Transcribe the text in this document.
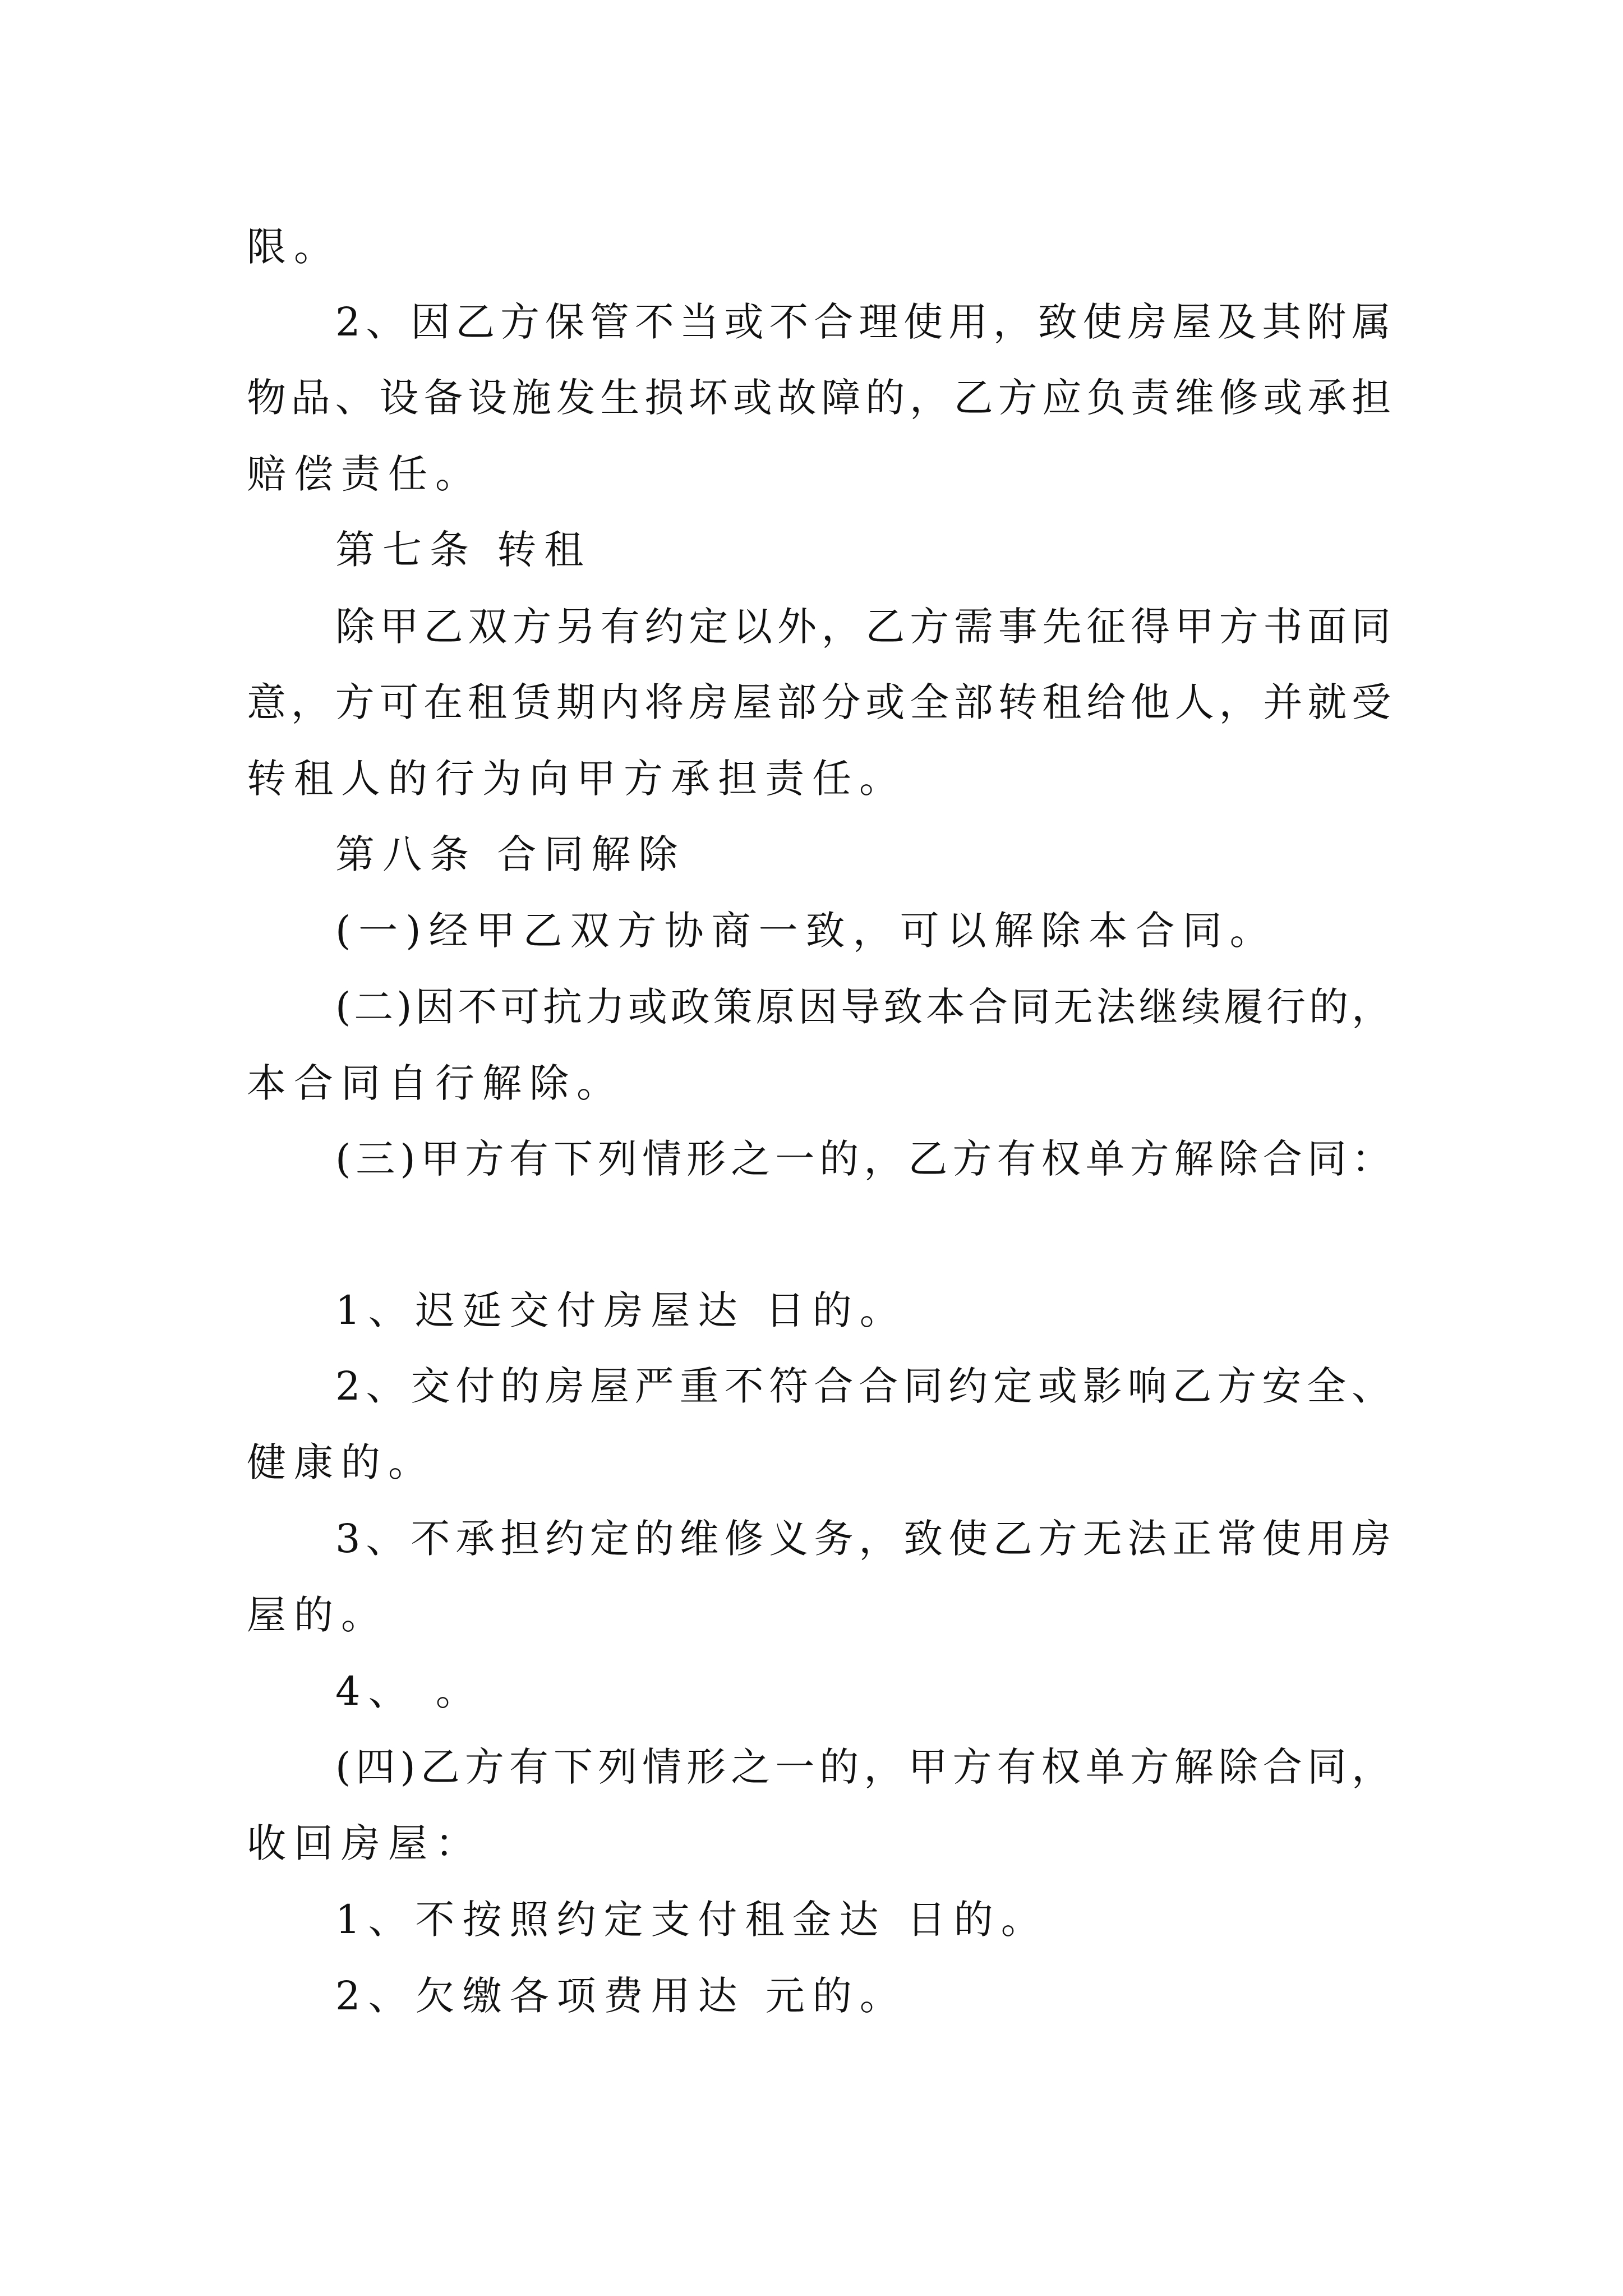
限。
2、因乙方保管不当或不合理使用，致使房屋及其附属
物品、设备设施发生损坏或故障的，乙方应负责维修或承担
赔偿责任。
第七条 转租
除甲乙双方另有约定以外，乙方需事先征得甲方书面同
意，方可在租赁期内将房屋部分或全部转租给他人，并就受
转租人的行为向甲方承担责任。
第八条 合同解除
(一)经甲乙双方协商一致，可以解除本合同。
(二)因不可抗力或政策原因导致本合同无法继续履行的，
本合同自行解除。
(三)甲方有下列情形之一的，乙方有权单方解除合同：
1、迟延交付房屋达 日的。
2、交付的房屋严重不符合合同约定或影响乙方安全、
健康的。
3、不承担约定的维修义务，致使乙方无法正常使用房
屋的。
4、 。
(四)乙方有下列情形之一的，甲方有权单方解除合同，
收回房屋：
1、不按照约定支付租金达 日的。
2、欠缴各项费用达 元的。
